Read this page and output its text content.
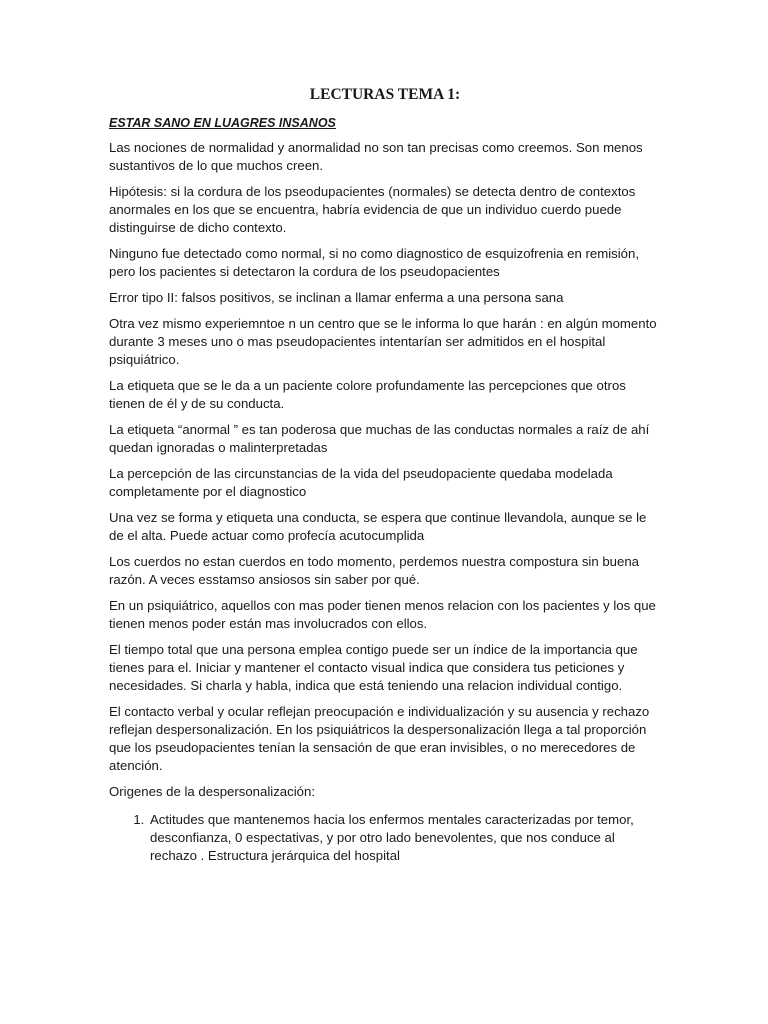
LECTURAS TEMA 1:
ESTAR SANO EN LUAGRES INSANOS

Las nociones de normalidad y anormalidad no son tan precisas como creemos. Son menos sustantivos de lo que muchos creen.

Hipótesis: si la cordura de los pseodupacientes (normales) se detecta dentro de contextos anormales en los que se encuentra, habría evidencia de que un individuo cuerdo puede distinguirse de dicho contexto.

Ninguno fue detectado como normal, si no como diagnostico de esquizofrenia en remisión, pero los pacientes si detectaron la cordura de los pseudopacientes

Error tipo II: falsos positivos, se inclinan a llamar enferma a una persona sana

Otra vez mismo experiemntoe n un centro que se le informa lo que harán : en algún momento durante 3 meses uno o mas pseudopacientes intentarían ser admitidos en el hospital psiquiátrico.

La etiqueta que se le da a un paciente colore profundamente las percepciones que otros tienen de él y de su conducta.

La etiqueta “anormal ” es tan poderosa que muchas de las conductas normales a raíz de ahí quedan ignoradas o malinterpretadas

La percepción de las circunstancias de la vida del pseudopaciente quedaba modelada completamente por el diagnostico

Una vez se forma y etiqueta una conducta, se espera que continue llevandola, aunque se le de el alta. Puede actuar como profecía acutocumplida

Los cuerdos no estan cuerdos en todo momento, perdemos nuestra compostura sin buena razón. A veces esstamso ansiosos sin saber por qué.

En un psiquiátrico, aquellos con mas poder tienen menos relacion con los pacientes y los que tienen menos poder están mas involucrados con ellos.

El tiempo total que una persona emplea contigo puede ser un índice de la importancia que tienes para el. Iniciar y mantener el contacto visual indica que considera tus peticiones y necesidades. Si charla y habla, indica que está teniendo una relacion individual contigo.

El contacto verbal y ocular reflejan preocupación e individualización y su ausencia y rechazo reflejan despersonalización. En los psiquiátricos la despersonalización llega a tal proporción que los pseudopacientes tenían la sensación de que eran invisibles, o no merecedores de atención.

Origenes de la despersonalización:

1. Actitudes que mantenemos hacia los enfermos mentales caracterizadas por temor, desconfianza, 0 espectativas, y por otro lado benevolentes, que nos conduce al rechazo . Estructura jerárquica del hospital
